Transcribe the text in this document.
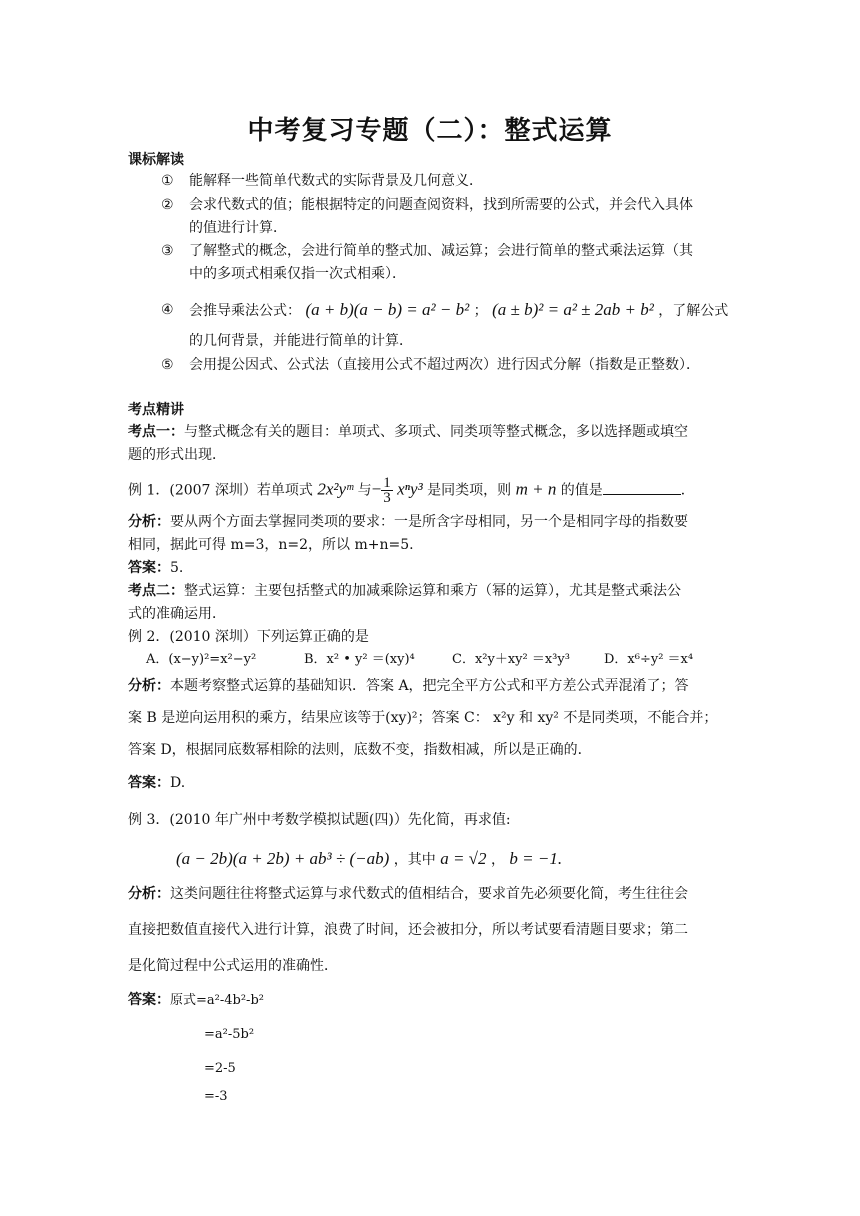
中考复习专题（二）：整式运算
课标解读
① 能解释一些简单代数式的实际背景及几何意义．
② 会求代数式的值；能根据特定的问题查阅资料，找到所需要的公式，并会代入具体
的值进行计算．
③ 了解整式的概念，会进行简单的整式加、减运算；会进行简单的整式乘法运算（其
中的多项式相乘仅指一次式相乘）．
④ 会推导乘法公式： (a + b)(a − b) = a² − b² ； (a ± b)² = a² ± 2ab + b² ，了解公式
的几何背景，并能进行简单的计算．
⑤ 会用提公因式、公式法（直接用公式不超过两次）进行因式分解（指数是正整数）．
考点精讲
考点一：与整式概念有关的题目：单项式、多项式、同类项等整式概念，多以选择题或填空
题的形式出现．
例 1．(2007 深圳）若单项式 2x²yᵐ 与− $\frac{1}{3} x^ny^3$ 是同类项，则 m + n 的值是	．
分析：要从两个方面去掌握同类项的要求：一是所含字母相同，另一个是相同字母的指数要
相同，据此可得 m=3，n=2，所以 m+n=5.
答案：5.
考点二：整式运算：主要包括整式的加减乘除运算和乘方（幂的运算），尤其是整式乘法公
式的准确运用．
例 2．(2010 深圳）下列运算正确的是
A．(x−y)²=x²−y²	B．x² • y² ＝(xy)⁴	C．x²y＋xy² ＝x³y³	D．x⁶÷y² ＝x⁴
分析：本题考察整式运算的基础知识．答案 A，把完全平方公式和平方差公式弄混淆了；答
案 B 是逆向运用积的乘方，结果应该等于(xy)²；答案 C： x²y 和 xy² 不是同类项，不能合并；
答案 D，根据同底数幂相除的法则，底数不变，指数相减，所以是正确的．
答案：D.
例 3．(2010 年广州中考数学模拟试题(四)）先化简，再求值:
(a − 2b)(a + 2b) + ab³ ÷ (−ab) ，其中 a = √2 ， b = −1.
分析：这类问题往往将整式运算与求代数式的值相结合，要求首先必须要化简，考生往往会
直接把数值直接代入进行计算，浪费了时间，还会被扣分，所以考试要看清题目要求；第二
是化简过程中公式运用的准确性．
答案：原式=a²-4b²-b²
=a²-5b²
=2-5
=-3
